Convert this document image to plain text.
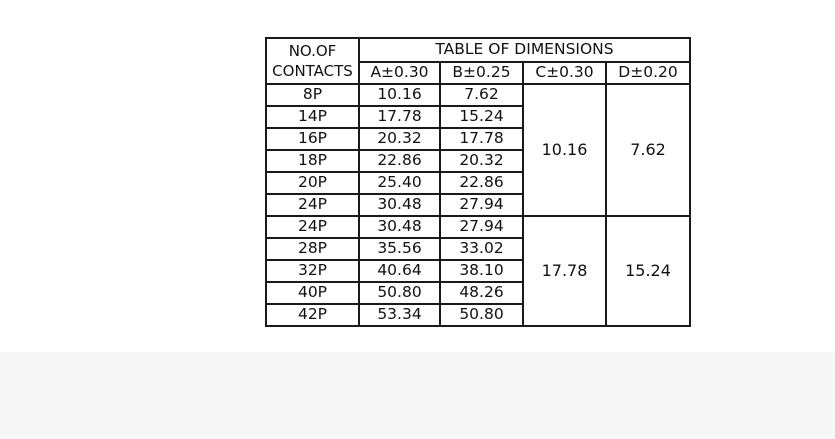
NO.OF
CONTACTS	TABLE OF DIMENSIONS			
	A±0.30	B±0.25	C±0.30	D±0.20
8P	10.16	7.62	10.16	7.62
14P	17.78	15.24		
16P	20.32	17.78		
18P	22.86	20.32		
20P	25.40	22.86		
24P	30.48	27.94		
24P	30.48	27.94	17.78	15.24
28P	35.56	33.02		
32P	40.64	38.10		
40P	50.80	48.26		
42P	53.34	50.80		
